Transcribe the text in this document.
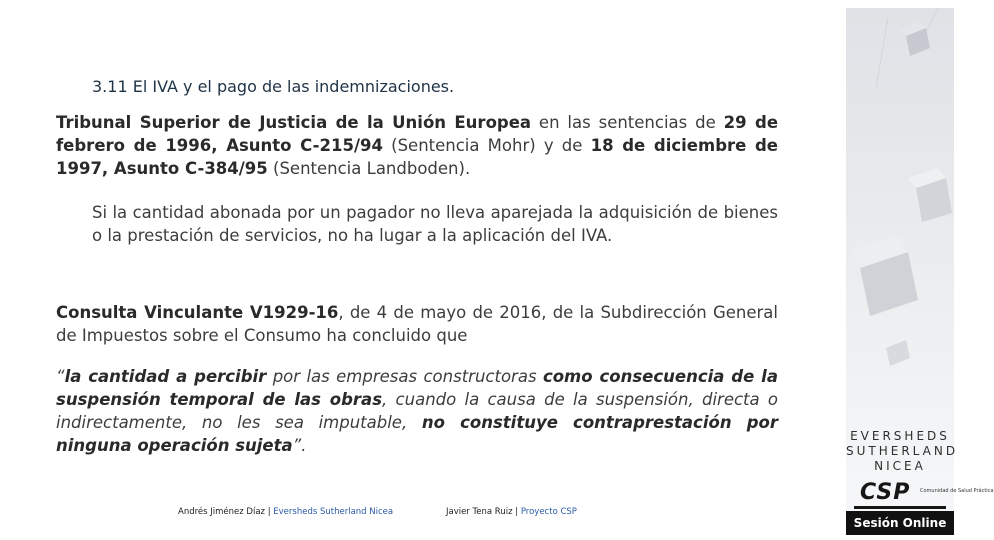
3.11 El IVA y el pago de las indemnizaciones.
Tribunal Superior de Justicia de la Unión Europea en las sentencias de 29 de febrero de 1996, Asunto C-215/94 (Sentencia Mohr) y de 18 de diciembre de 1997, Asunto C-384/95 (Sentencia Landboden).
Si la cantidad abonada por un pagador no lleva aparejada la adquisición de bienes o la prestación de servicios, no ha lugar a la aplicación del IVA.
Consulta Vinculante V1929-16, de 4 de mayo de 2016, de la Subdirección General de Impuestos sobre el Consumo ha concluido que
“la cantidad a percibir por las empresas constructoras como consecuencia de la suspensión temporal de las obras, cuando la causa de la suspensión, directa o indirectamente, no les sea imputable, no constituye contraprestación por ninguna operación sujeta”.
Andrés Jiménez Díaz | Eversheds Sutherland Nicea	Javier Tena Ruiz | Proyecto CSP
EVERSHEDS
SUTHERLAND
NICEA
CSP Comunidad de Salud Práctica
Sesión Online
